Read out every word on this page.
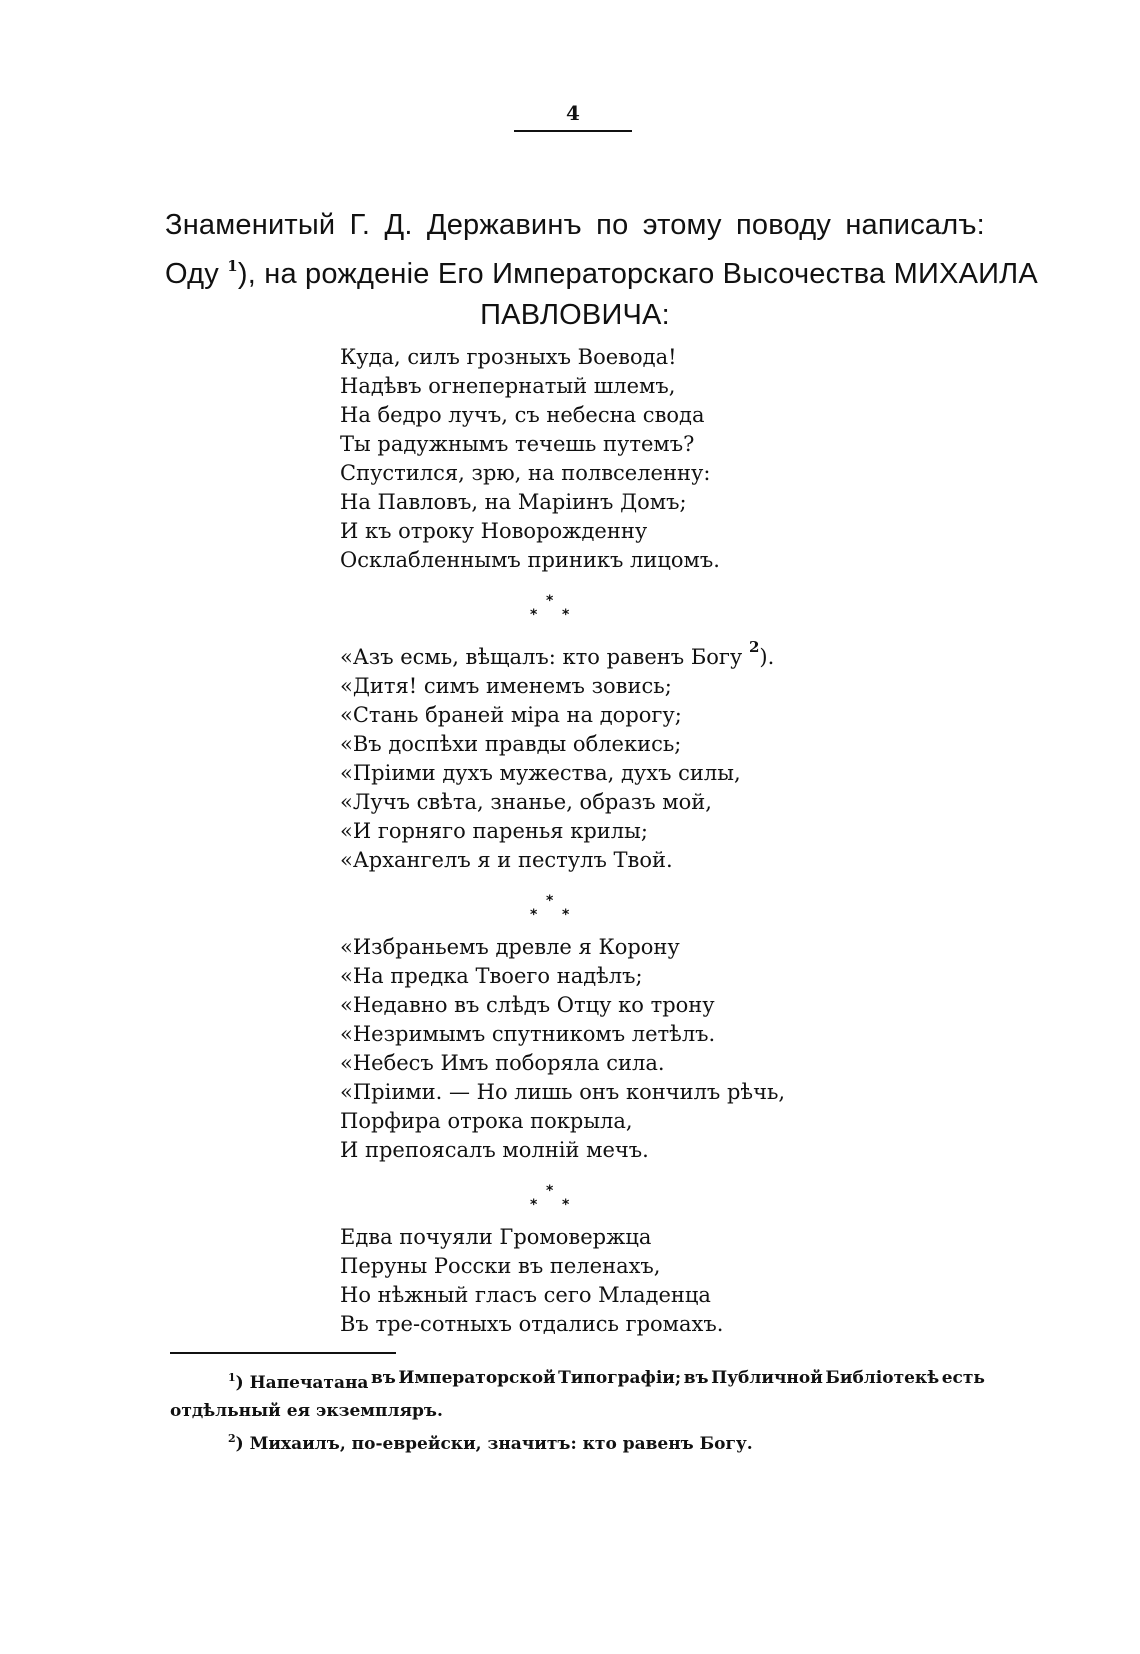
4
Знаменитый Г. Д. Державинъ по этому поводу написалъ:
Оду $^1$), на рожденіе Его Императорскаго Высочества МИХАИЛА
ПАВЛОВИЧА:
Куда, силъ грозныхъ Воевода!
Надѣвъ огнепернатый шлемъ,
На бедро лучъ, съ небесна свода
Ты радужнымъ течешь путемъ?
Спустился, зрю, на полвселенну:
На Павловъ, на Маріинъ Домъ;
И къ отроку Новорожденну
Осклабленнымъ приникъ лицомъ.
*
* *
«Азъ есмь, вѣщалъ: кто равенъ Богу $^2$).
«Дитя! симъ именемъ зовись;
«Стань браней міра на дорогу;
«Въ доспѣхи правды облекись;
«Пріими духъ мужества, духъ силы,
«Лучъ свѣта, знанье, образъ мой,
«И горняго паренья крилы;
«Архангелъ я и пестулъ Твой.
*
* *
«Избраньемъ древле я Корону
«На предка Твоего надѣлъ;
«Недавно въ слѣдъ Отцу ко трону
«Незримымъ спутникомъ летѣлъ.
«Небесъ Имъ поборяла сила.
«Пріими. — Но лишь онъ кончилъ рѣчь,
Порфира отрока покрыла,
И препоясалъ молній мечъ.
*
* *
Едва почуяли Громовержца
Перуны Росски въ пеленахъ,
Но нѣжный гласъ сего Младенца
Въ тре-сотныхъ отдались громахъ.
$^1$) Напечатана въ Императорской Типографіи; въ Публичной Библіотекѣ есть
отдѣльный ея экземпляръ.
$^2$) Михаилъ, по-еврейски, значитъ: кто равенъ Богу.
